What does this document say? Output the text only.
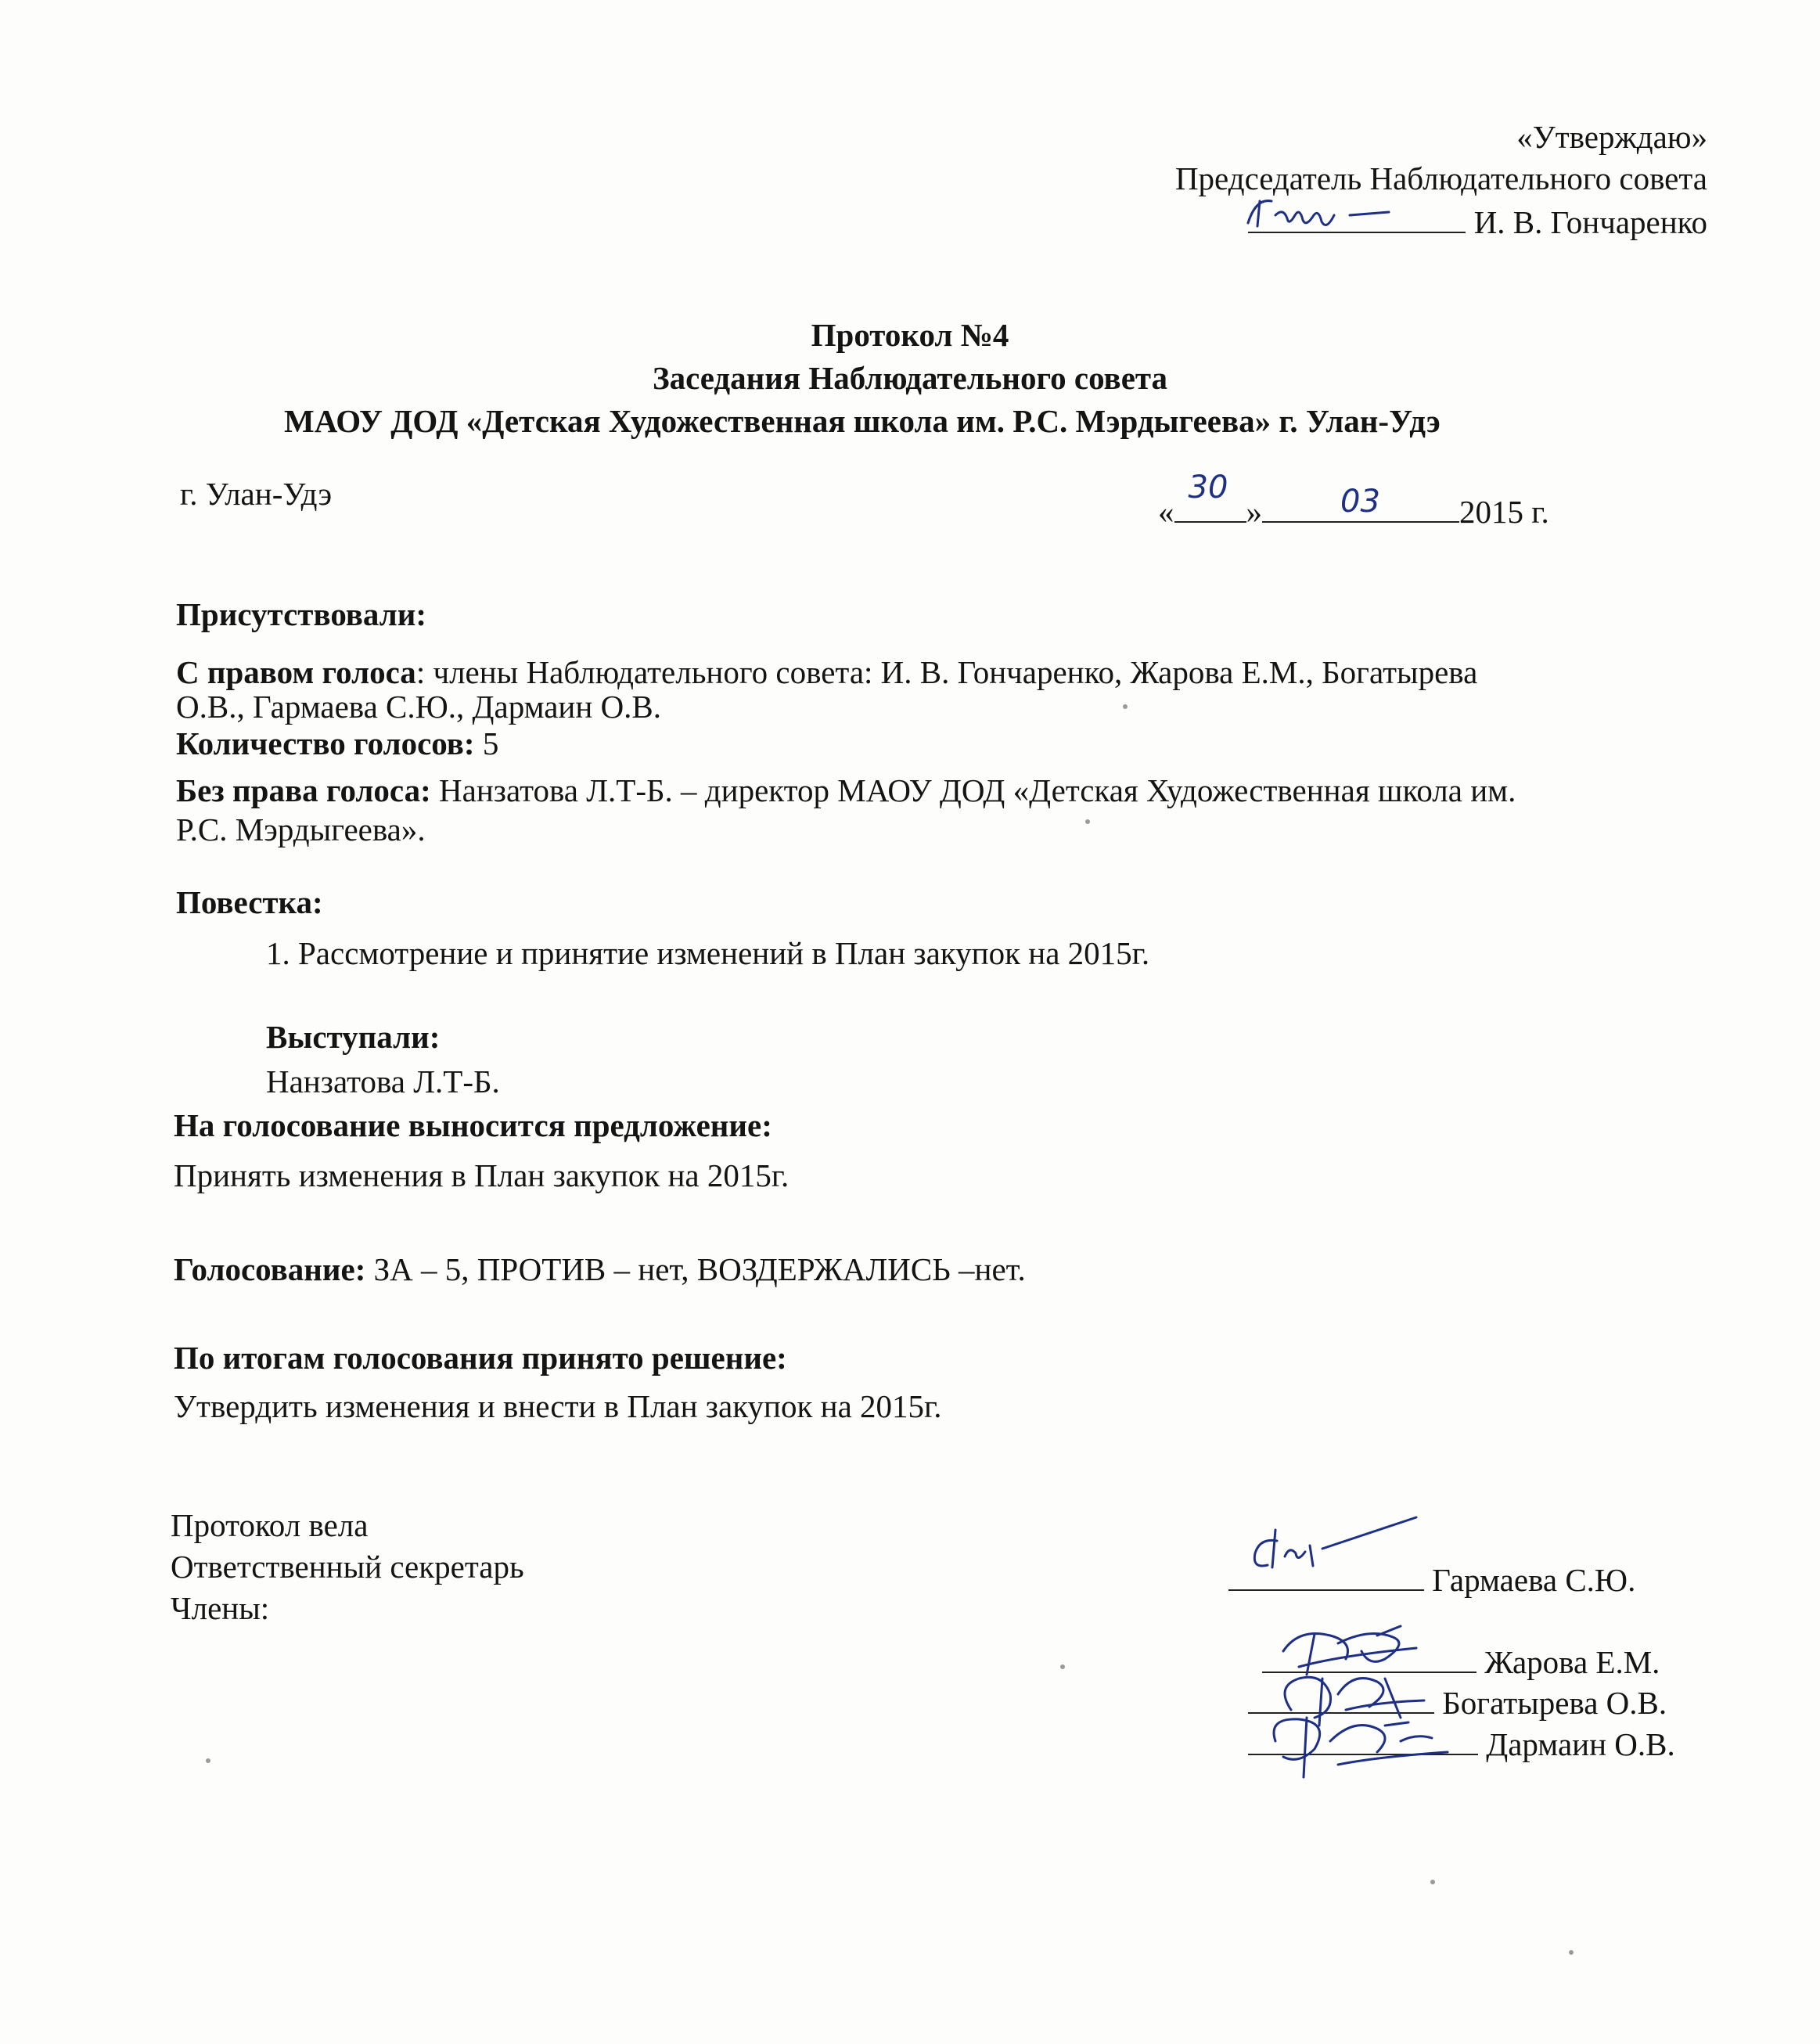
«Утверждаю»
Председатель Наблюдательного совета
И. В. Гончаренко
Протокол №4
Заседания Наблюдательного совета
МАОУ ДОД «Детская Художественная школа им. Р.С. Мэрдыгеева» г. Улан-Удэ
г. Улан-Удэ	«
30
»	03 2015 г.
Присутствовали:
С правом голоса: члены Наблюдательного совета: И. В. Гончаренко, Жарова Е.М., Богатырева
О.В., Гармаева С.Ю., Дармаин О.В.
Количество голосов: 5
Без права голоса: Нанзатова Л.Т-Б. – директор МАОУ ДОД «Детская Художественная школа им.
Р.С. Мэрдыгеева».
Повестка:
1. Рассмотрение и принятие изменений в План закупок на 2015г.
Выступали:
Нанзатова Л.Т-Б.
На голосование выносится предложение:
Принять изменения в План закупок на 2015г.
Голосование: ЗА – 5, ПРОТИВ – нет, ВОЗДЕРЖАЛИСЬ –нет.
По итогам голосования принято решение:
Утвердить изменения и внести в План закупок на 2015г.
Протокол вела
Ответственный секретарь
Члены:
Гармаева С.Ю.
Жарова Е.М.
Богатырева О.В.
Дармаин О.В.
